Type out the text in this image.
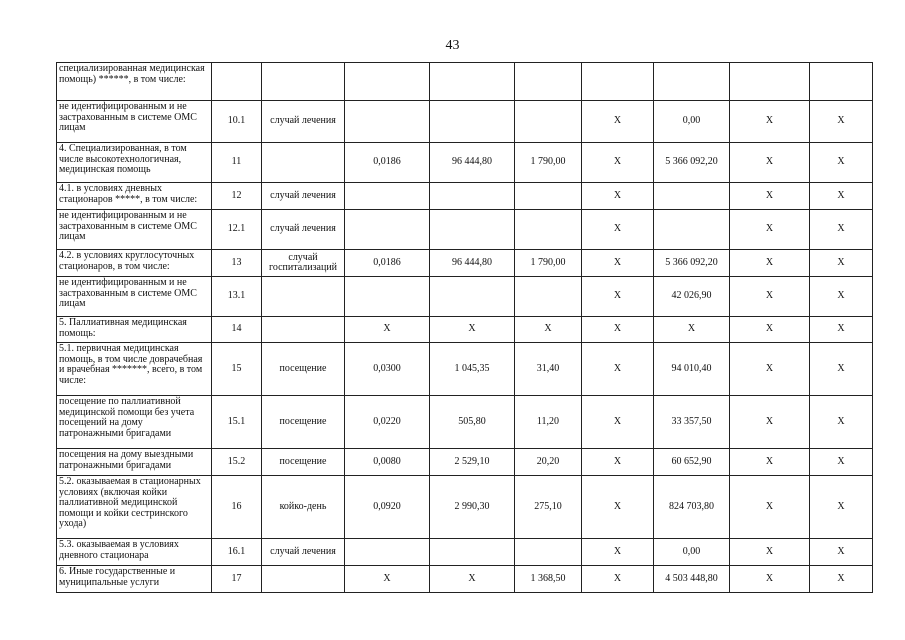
43
специализированная медицинская помощь) ******, в том числе:									
не идентифицированным и не застрахованным в системе ОМС лицам	10.1	случай лечения				Х	0,00	Х	Х
4. Специализированная, в том числе высокотехнологичная, медицинская помощь	11		0,0186	96 444,80	1 790,00	Х	5 366 092,20	Х	Х
4.1. в условиях дневных стационаров *****, в том числе:	12	случай лечения				Х		Х	Х
не идентифицированным и не застрахованным в системе ОМС лицам	12.1	случай лечения				Х		Х	Х
4.2. в условиях круглосуточных стационаров, в том числе:	13	случай госпитализаций	0,0186	96 444,80	1 790,00	Х	5 366 092,20	Х	Х
не идентифицированным и не застрахованным в системе ОМС лицам	13.1					Х	42 026,90	Х	Х
5. Паллиативная медицинская помощь:	14		Х	Х	Х	Х	Х	Х	Х
5.1. первичная медицинская помощь, в том числе доврачебная и врачебная *******, всего, в том числе:	15	посещение	0,0300	1 045,35	31,40	Х	94 010,40	Х	Х
посещение по паллиативной медицинской помощи без учета посещений на дому патронажными бригадами	15.1	посещение	0,0220	505,80	11,20	Х	33 357,50	Х	Х
посещения на дому выездными патронажными бригадами	15.2	посещение	0,0080	2 529,10	20,20	Х	60 652,90	Х	Х
5.2. оказываемая в стационарных условиях (включая койки паллиативной медицинской помощи и койки сестринского ухода)	16	койко-день	0,0920	2 990,30	275,10	Х	824 703,80	Х	Х
5.3. оказываемая в условиях дневного стационара	16.1	случай лечения				Х	0,00	Х	Х
6. Иные государственные и муниципальные услуги	17		Х	Х	1 368,50	Х	4 503 448,80	Х	Х
